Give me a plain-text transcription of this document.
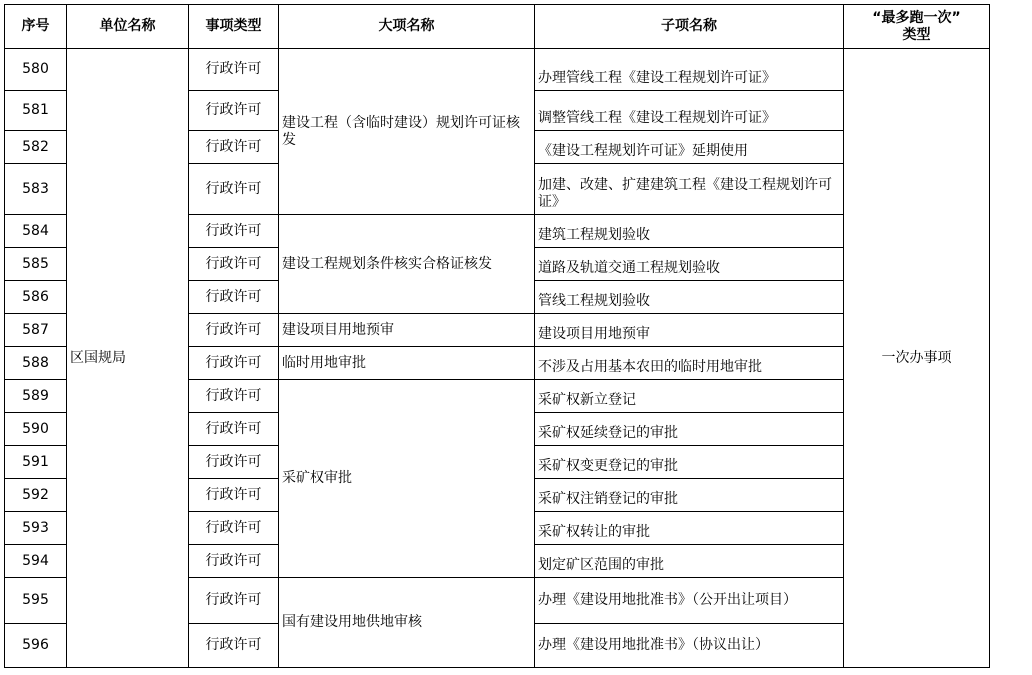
序号	单位名称	事项类型	大项名称	子项名称	“最多跑一次”
类型

580	区国规局	行政许可	建设工程（含临时建设）规划许可证核发	办理管线工程《建设工程规划许可证》	一次办事项
581		行政许可		调整管线工程《建设工程规划许可证》	
582		行政许可		《建设工程规划许可证》延期使用	
583		行政许可		加建、改建、扩建建筑工程《建设工程规划许可证》	
584		行政许可	建设工程规划条件核实合格证核发	建筑工程规划验收	
585		行政许可		道路及轨道交通工程规划验收	
586		行政许可		管线工程规划验收	
587		行政许可	建设项目用地预审	建设项目用地预审	
588		行政许可	临时用地审批	不涉及占用基本农田的临时用地审批	
589		行政许可	采矿权审批	采矿权新立登记	
590		行政许可		采矿权延续登记的审批	
591		行政许可		采矿权变更登记的审批	
592		行政许可		采矿权注销登记的审批	
593		行政许可		采矿权转让的审批	
594		行政许可		划定矿区范围的审批	
595		行政许可	国有建设用地供地审核	办理《建设用地批准书》（公开出让项目）	
596		行政许可		办理《建设用地批准书》（协议出让）	
